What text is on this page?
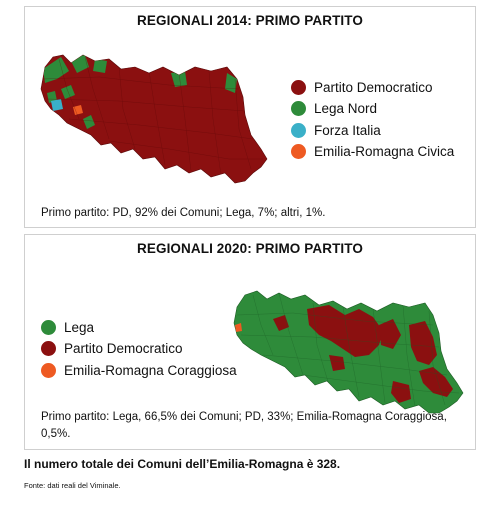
REGIONALI 2014: PRIMO PARTITO
Partito Democratico
Lega Nord
Forza Italia
Emilia-Romagna Civica
Primo partito: PD, 92% dei Comuni; Lega, 7%; altri, 1%.
REGIONALI 2020: PRIMO PARTITO
Lega
Partito Democratico
Emilia-Romagna Coraggiosa
Primo partito: Lega, 66,5% dei Comuni; PD, 33%; Emilia-Romagna Coraggiosa, 0,5%.
Il numero totale dei Comuni dell’Emilia-Romagna è 328.
Fonte: dati reali del Viminale.
